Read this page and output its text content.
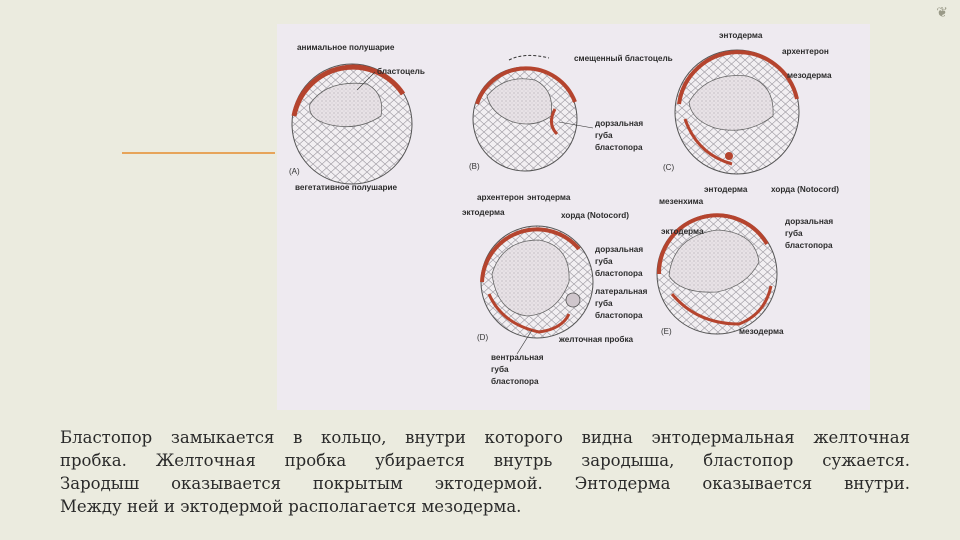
❦
(A)
анимальное полушарие
бластоцель
вегетативное полушарие
(B)
смещенный бластоцель
дорзальная
губа
бластопора
(C)
энтодерма
архентерон
мезодерма
(D)
архентерон энтодерма
эктодерма	хорда (Notocord)
дорзальная
губа
бластопора
латеральная
губа
бластопора
желточная пробка
вентральная
губа
бластопора
(E)
мезенхима
энтодерма	хорда (Notocord)
эктодерма
дорзальная
губа
бластопора
мезодерма
Бластопор замыкается в кольцо, внутри которого видна энтодермальная желточная
пробка. Желточная пробка убирается внутрь зародыша, бластопор сужается.
Зародыш оказывается покрытым эктодермой. Энтодерма оказывается внутри.
Между ней и эктодермой располагается мезодерма.
